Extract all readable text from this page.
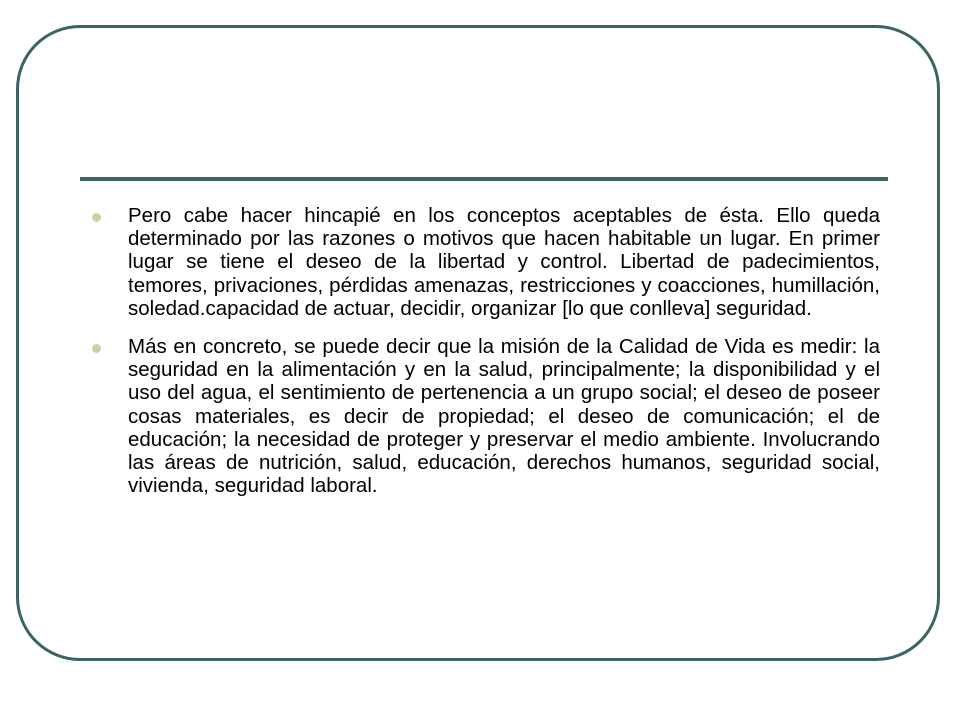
Pero cabe hacer hincapié en los conceptos aceptables de ésta. Ello queda determinado por las razones o motivos que hacen habitable un lugar. En primer lugar se tiene el deseo de la libertad y control. Libertad de padecimientos, temores, privaciones, pérdidas amenazas, restricciones y coacciones, humillación, soledad.capacidad de actuar, decidir, organizar [lo que conlleva] seguridad.
Más en concreto, se puede decir que la misión de la Calidad de Vida es medir: la seguridad en la alimentación y en la salud, principalmente; la disponibilidad y el uso del agua, el sentimiento de pertenencia a un grupo social; el deseo de poseer cosas materiales, es decir de propiedad; el deseo de comunicación; el de educación; la necesidad de proteger y preservar el medio ambiente. Involucrando las áreas de nutrición, salud, educación, derechos humanos, seguridad social, vivienda, seguridad laboral.
